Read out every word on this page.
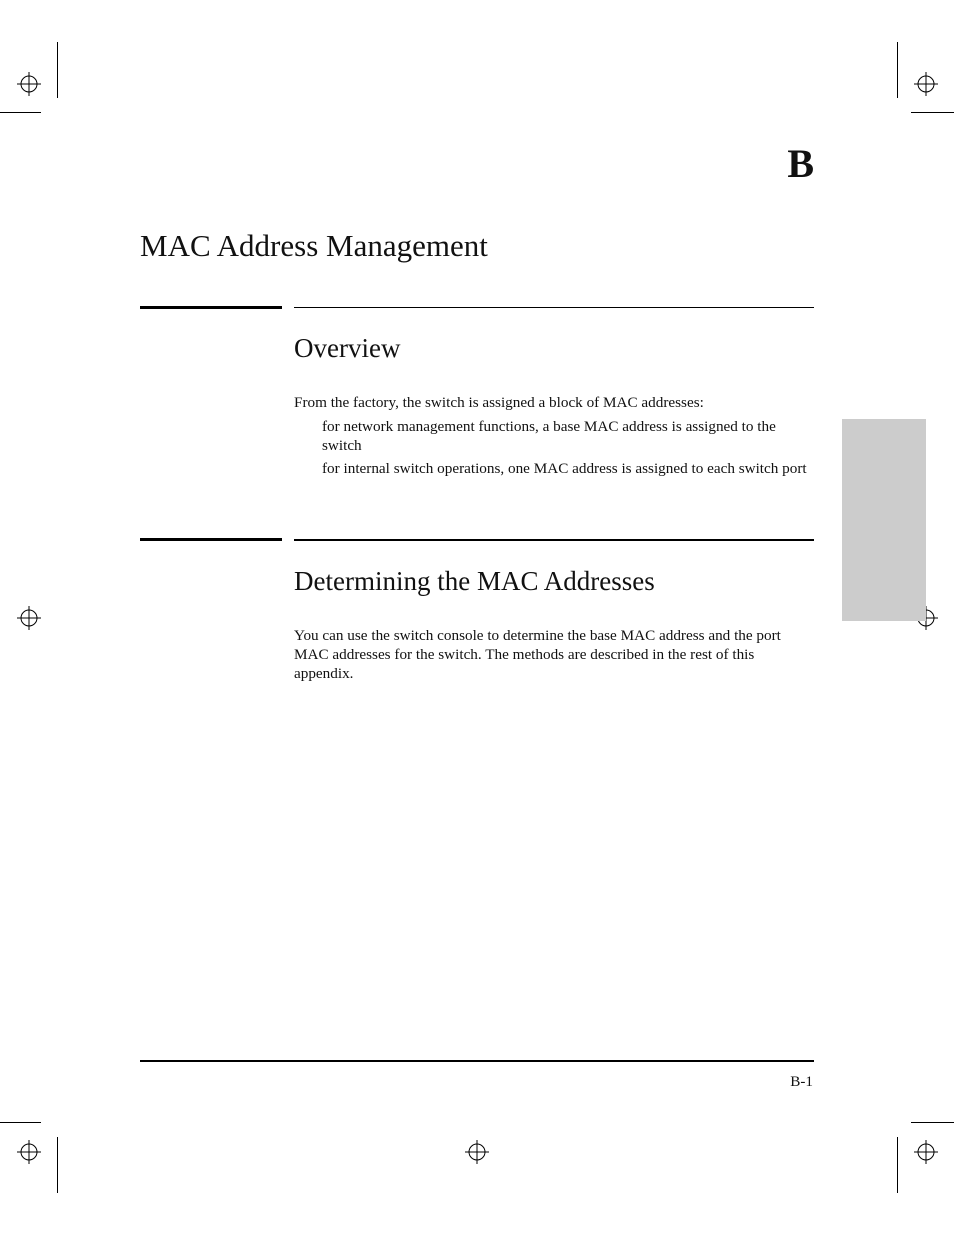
B
MAC Address Management
Overview
From the factory, the switch is assigned a block of MAC addresses:
for network management functions, a base MAC address is assigned to the switch
for internal switch operations, one MAC address is assigned to each switch port
Determining the MAC Addresses
You can use the switch console to determine the base MAC address and the port MAC addresses for the switch. The methods are described in the rest of this appendix.
B-1
